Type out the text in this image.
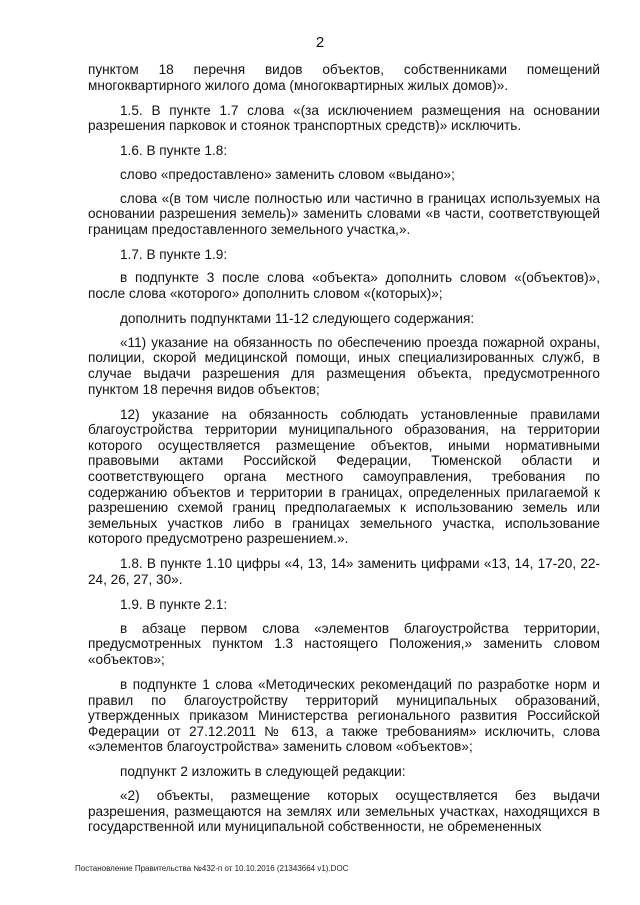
2

пунктом 18 перечня видов объектов, собственниками помещений многоквартирного жилого дома (многоквартирных жилых домов)».

1.5. В пункте 1.7 слова «(за исключением размещения на основании разрешения парковок и стоянок транспортных средств)» исключить.

1.6. В пункте 1.8:

слово «предоставлено» заменить словом «выдано»;

слова «(в том числе полностью или частично в границах используемых на основании разрешения земель)» заменить словами «в части, соответствующей границам предоставленного земельного участка,».

1.7. В пункте 1.9:

в подпункте 3 после слова «объекта» дополнить словом «(объектов)», после слова «которого» дополнить словом «(которых)»;

дополнить подпунктами 11-12 следующего содержания:

«11) указание на обязанность по обеспечению проезда пожарной охраны, полиции, скорой медицинской помощи, иных специализированных служб, в случае выдачи разрешения для размещения объекта, предусмотренного пунктом 18 перечня видов объектов;

12) указание на обязанность соблюдать установленные правилами благоустройства территории муниципального образования, на территории которого осуществляется размещение объектов, иными нормативными правовыми актами Российской Федерации, Тюменской области и соответствующего органа местного самоуправления, требования по содержанию объектов и территории в границах, определенных прилагаемой к разрешению схемой границ предполагаемых к использованию земель или земельных участков либо в границах земельного участка, использование которого предусмотрено разрешением.».

1.8. В пункте 1.10 цифры «4, 13, 14» заменить цифрами «13, 14, 17-20, 22-24, 26, 27, 30».

1.9. В пункте 2.1:

в абзаце первом слова «элементов благоустройства территории, предусмотренных пунктом 1.3 настоящего Положения,» заменить словом «объектов»;

в подпункте 1 слова «Методических рекомендаций по разработке норм и правил по благоустройству территорий муниципальных образований, утвержденных приказом Министерства регионального развития Российской Федерации от 27.12.2011 № 613, а также требованиям» исключить, слова «элементов благоустройства» заменить словом «объектов»;

подпункт 2 изложить в следующей редакции:

«2) объекты, размещение которых осуществляется без выдачи разрешения, размещаются на землях или земельных участках, находящихся в государственной или муниципальной собственности, не обремененных

Постановление Правительства №432-п от 10.10.2016 (21343664 v1).DOC
